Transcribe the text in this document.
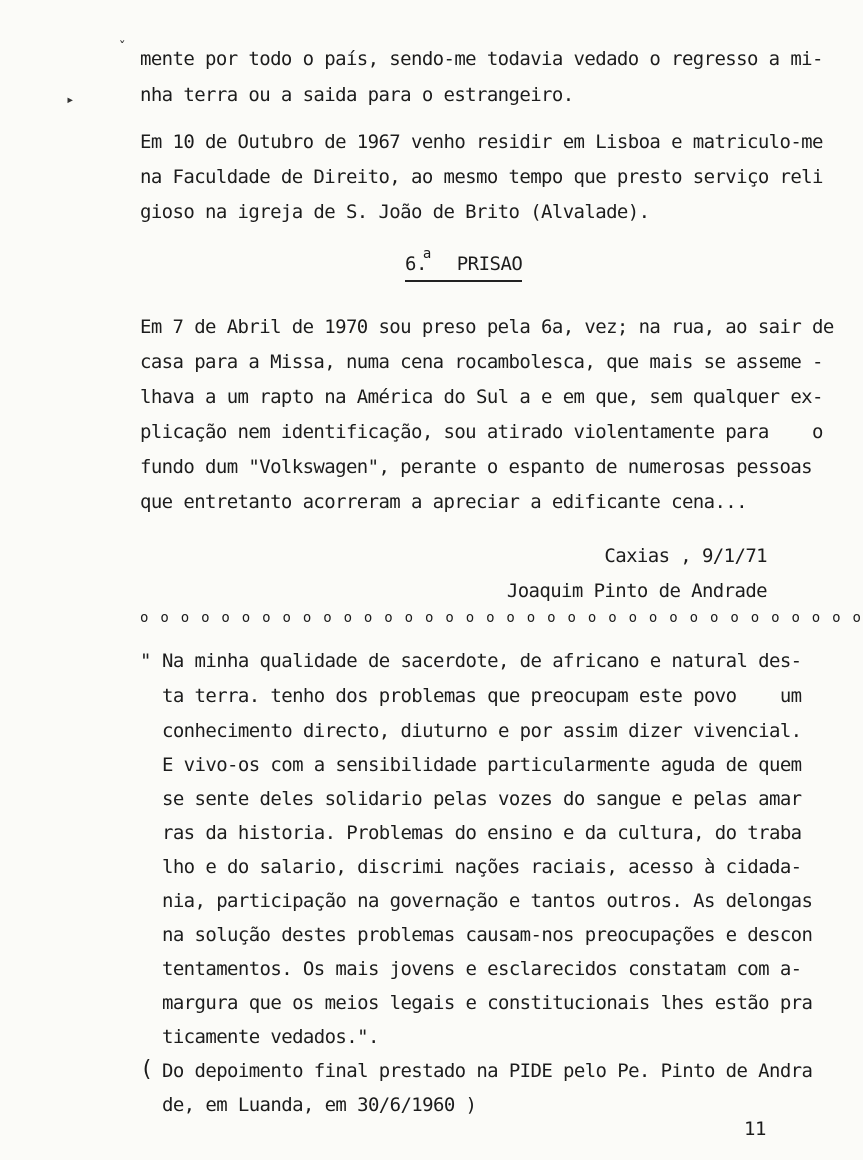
ˇ
▸
mente por todo o país, sendo-me todavia vedado o regresso a mi-
nha terra ou a saida para o estrangeiro.
Em 10 de Outubro de 1967 venho residir em Lisboa e matriculo-me
na Faculdade de Direito, ao mesmo tempo que presto serviço reli
gioso na igreja de S. João de Brito (Alvalade).
6.$^a$ PRISAO
Em 7 de Abril de 1970 sou preso pela 6a, vez; na rua, ao sair de
casa para a Missa, numa cena rocambolesca, que mais se asseme -
lhava a um rapto na América do Sul a e em que, sem qualquer ex-
plicação nem identificação, sou atirado violentamente para    o
fundo dum "Volkswagen", perante o espanto de numerosas pessoas
que entretanto acorreram a apreciar a edificante cena...
Caxias , 9/1/71
Joaquim Pinto de Andrade
o o o o o o o o o o o o o o o o o o o o o o o o o o o o o o o o o o o o
" Na minha qualidade de sacerdote, de africano e natural des-
ta terra. tenho dos problemas que preocupam este povo    um
conhecimento directo, diuturno e por assim dizer vivencial.
E vivo-os com a sensibilidade particularmente aguda de quem
se sente deles solidario pelas vozes do sangue e pelas amar
ras da historia. Problemas do ensino e da cultura, do traba
lho e do salario, discrimi nações raciais, acesso à cidada-
nia, participação na governação e tantos outros. As delongas
na solução destes problemas causam-nos preocupações e descon
tentamentos. Os mais jovens e esclarecidos constatam com a-
margura que os meios legais e constitucionais lhes estão pra
ticamente vedados.".
( Do depoimento final prestado na PIDE pelo Pe. Pinto de Andra
de, em Luanda, em 30/6/1960 )
11
